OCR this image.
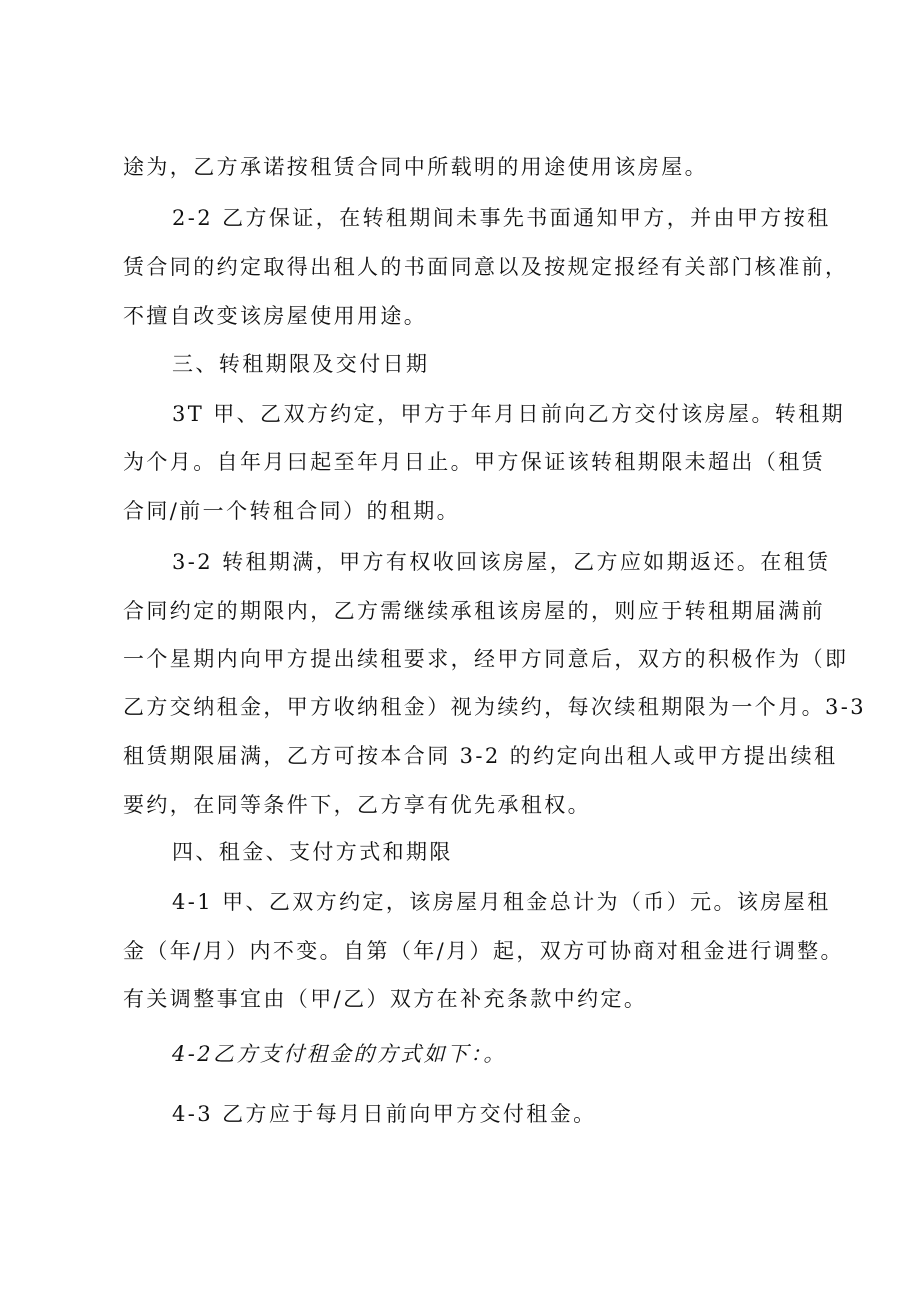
途为，乙方承诺按租赁合同中所载明的用途使用该房屋。
2-2 乙方保证，在转租期间未事先书面通知甲方，并由甲方按租
赁合同的约定取得出租人的书面同意以及按规定报经有关部门核准前，
不擅自改变该房屋使用用途。
三、转租期限及交付日期
3T 甲、乙双方约定，甲方于年月日前向乙方交付该房屋。转租期
为个月。自年月曰起至年月日止。甲方保证该转租期限未超出（租赁
合同/前一个转租合同）的租期。
3-2 转租期满，甲方有权收回该房屋，乙方应如期返还。在租赁
合同约定的期限内，乙方需继续承租该房屋的，则应于转租期届满前
一个星期内向甲方提出续租要求，经甲方同意后，双方的积极作为（即
乙方交纳租金，甲方收纳租金）视为续约，每次续租期限为一个月。3-3
租赁期限届满，乙方可按本合同 3-2 的约定向出租人或甲方提出续租
要约，在同等条件下，乙方享有优先承租权。
四、租金、支付方式和期限
4-1 甲、乙双方约定，该房屋月租金总计为（币）元。该房屋租
金（年/月）内不变。自第（年/月）起，双方可协商对租金进行调整。
有关调整事宜由（甲/乙）双方在补充条款中约定。
4-2乙方支付租金的方式如下：。
4-3 乙方应于每月日前向甲方交付租金。
